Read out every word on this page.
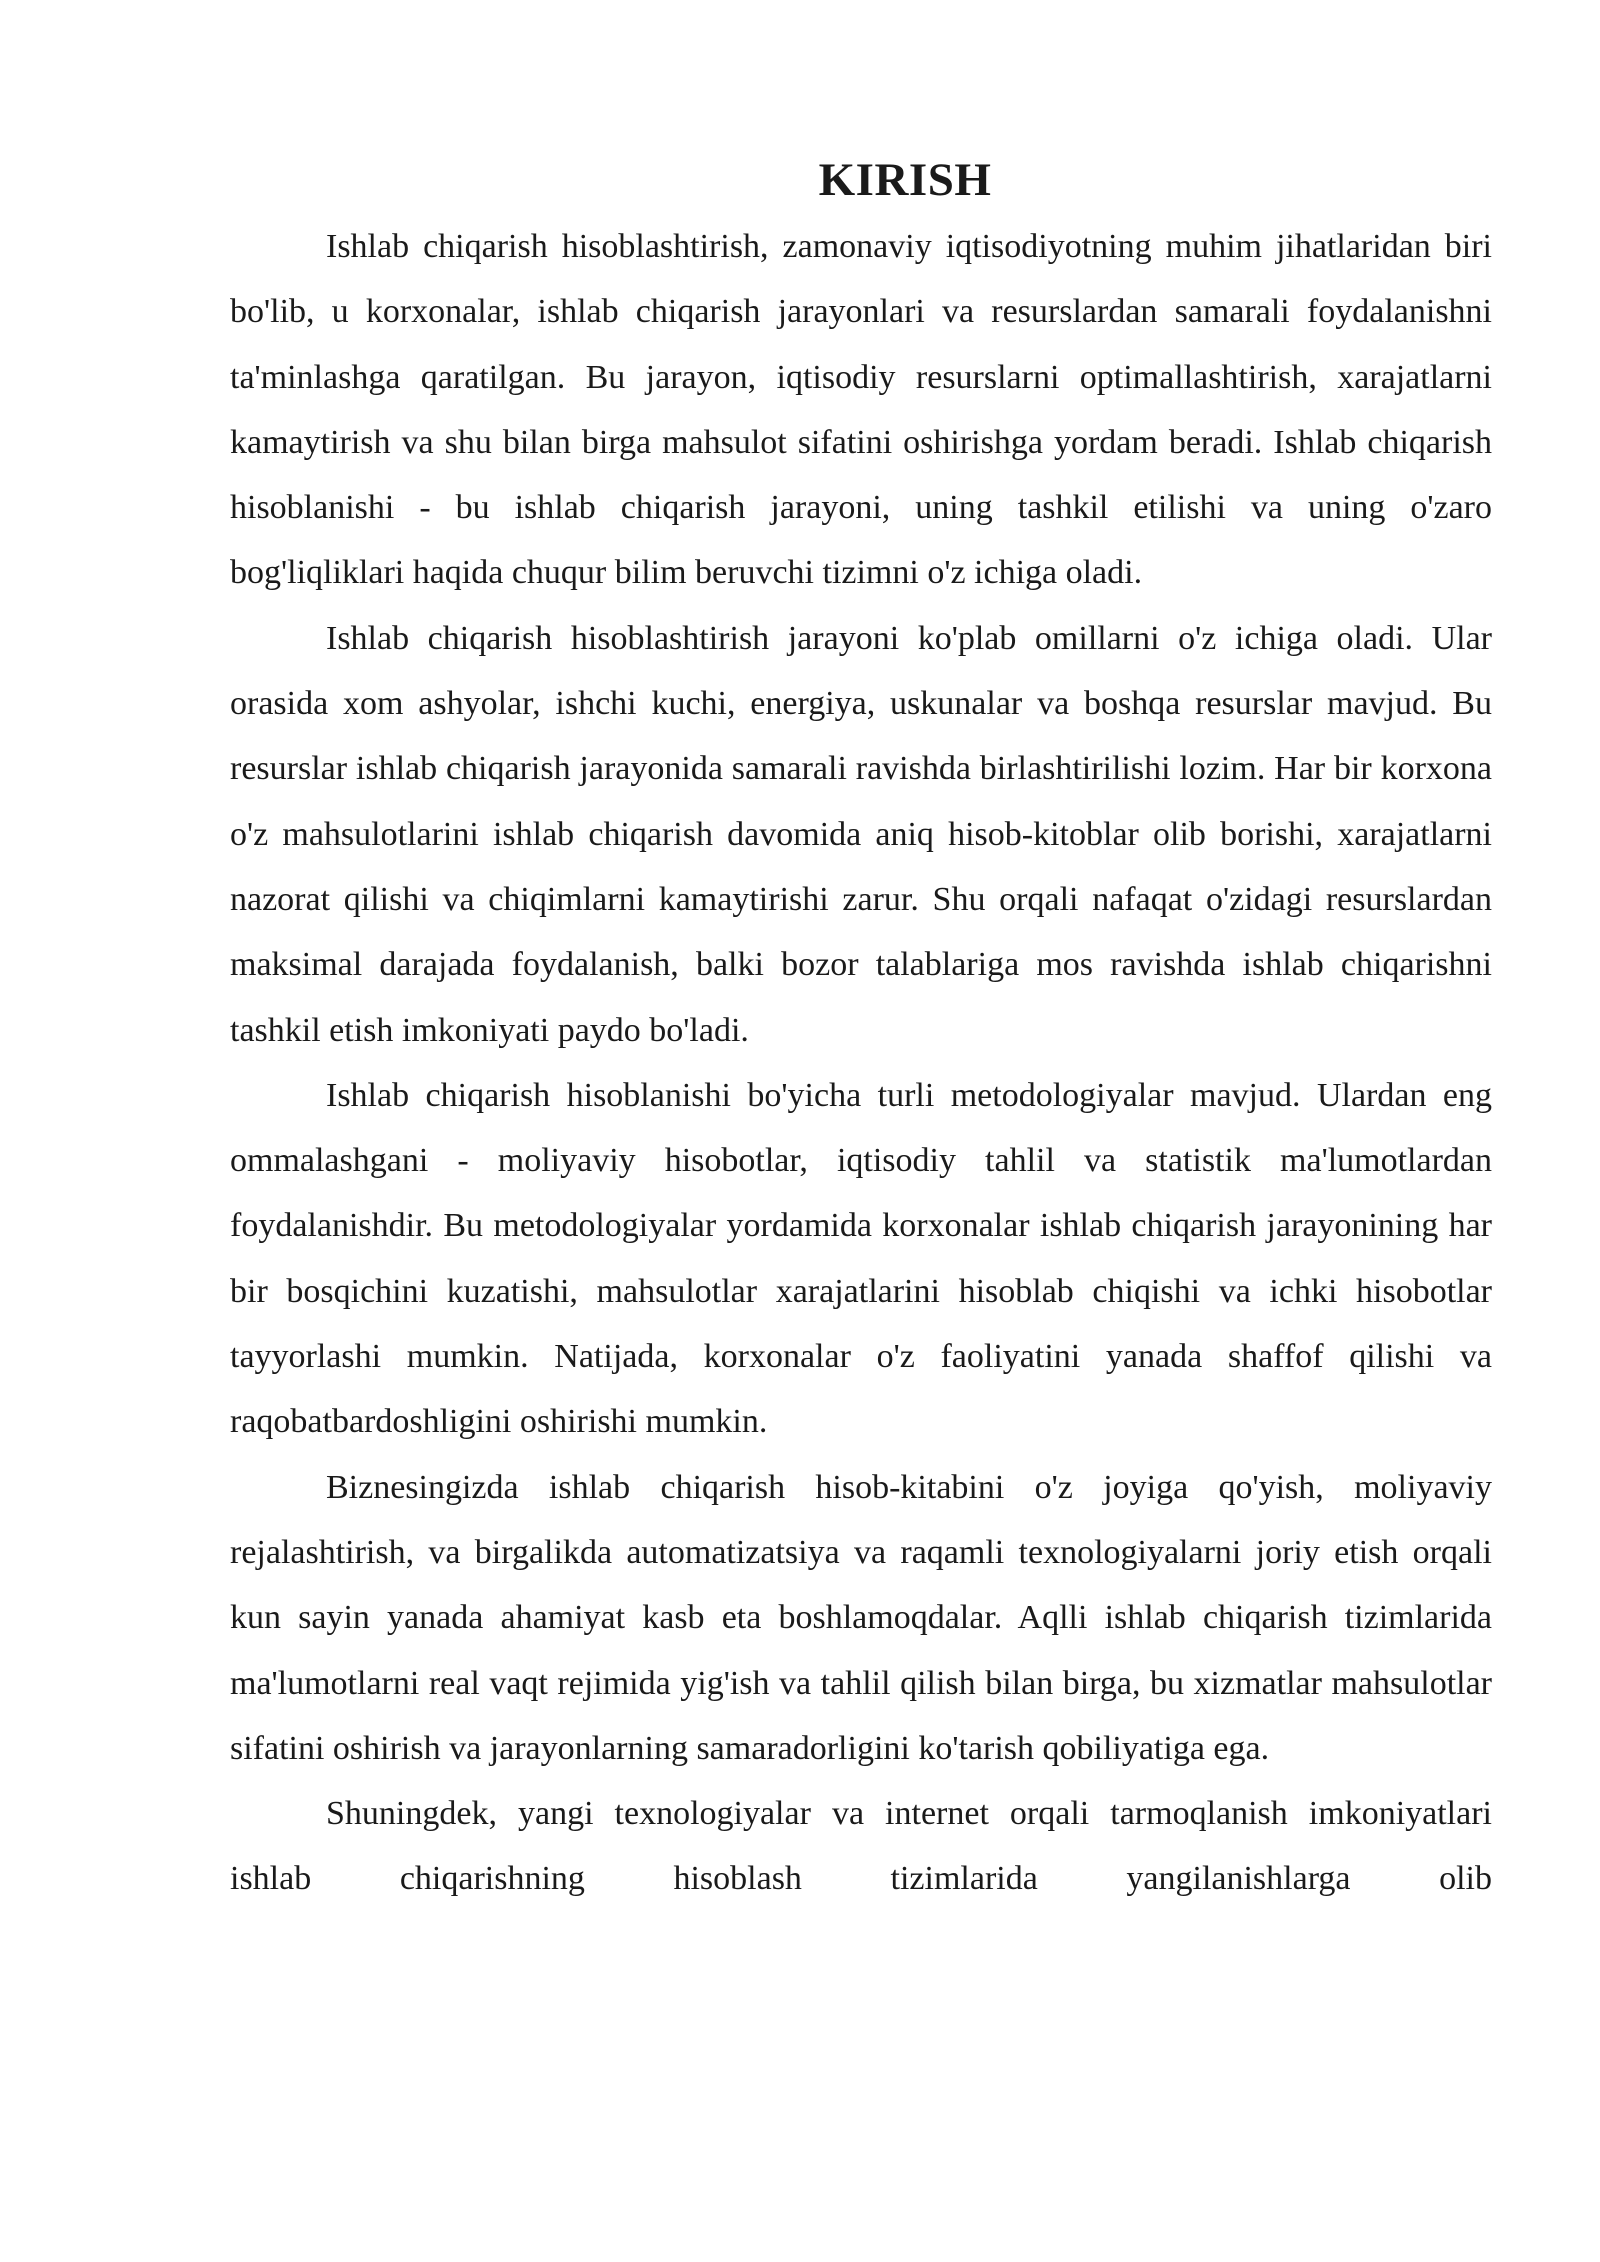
KIRISH

Ishlab chiqarish hisoblashtirish, zamonaviy iqtisodiyotning muhim jihatlaridan biri bo'lib, u korxonalar, ishlab chiqarish jarayonlari va resurslardan samarali foydalanishni ta'minlashga qaratilgan. Bu jarayon, iqtisodiy resurslarni optimallashtirish, xarajatlarni kamaytirish va shu bilan birga mahsulot sifatini oshirishga yordam beradi. Ishlab chiqarish hisoblanishi - bu ishlab chiqarish jarayoni, uning tashkil etilishi va uning o'zaro bog'liqliklari haqida chuqur bilim beruvchi tizimni o'z ichiga oladi.

Ishlab chiqarish hisoblashtirish jarayoni ko'plab omillarni o'z ichiga oladi. Ular orasida xom ashyolar, ishchi kuchi, energiya, uskunalar va boshqa resurslar mavjud. Bu resurslar ishlab chiqarish jarayonida samarali ravishda birlashtirilishi lozim. Har bir korxona o'z mahsulotlarini ishlab chiqarish davomida aniq hisob-kitoblar olib borishi, xarajatlarni nazorat qilishi va chiqimlarni kamaytirishi zarur. Shu orqali nafaqat o'zidagi resurslardan maksimal darajada foydalanish, balki bozor talablariga mos ravishda ishlab chiqarishni tashkil etish imkoniyati paydo bo'ladi.

Ishlab chiqarish hisoblanishi bo'yicha turli metodologiyalar mavjud. Ulardan eng ommalashgani - moliyaviy hisobotlar, iqtisodiy tahlil va statistik ma'lumotlardan foydalanishdir. Bu metodologiyalar yordamida korxonalar ishlab chiqarish jarayonining har bir bosqichini kuzatishi, mahsulotlar xarajatlarini hisoblab chiqishi va ichki hisobotlar tayyorlashi mumkin. Natijada, korxonalar o'z faoliyatini yanada shaffof qilishi va raqobatbardoshligini oshirishi mumkin.

Biznesingizda ishlab chiqarish hisob-kitabini o'z joyiga qo'yish, moliyaviy rejalashtirish, va birgalikda automatizatsiya va raqamli texnologiyalarni joriy etish orqali kun sayin yanada ahamiyat kasb eta boshlamoqdalar. Aqlli ishlab chiqarish tizimlarida ma'lumotlarni real vaqt rejimida yig'ish va tahlil qilish bilan birga, bu xizmatlar mahsulotlar sifatini oshirish va jarayonlarning samaradorligini ko'tarish qobiliyatiga ega.

Shuningdek, yangi texnologiyalar va internet orqali tarmoqlanish imkoniyatlari ishlab chiqarishning hisoblash tizimlarida yangilanishlarga olib
